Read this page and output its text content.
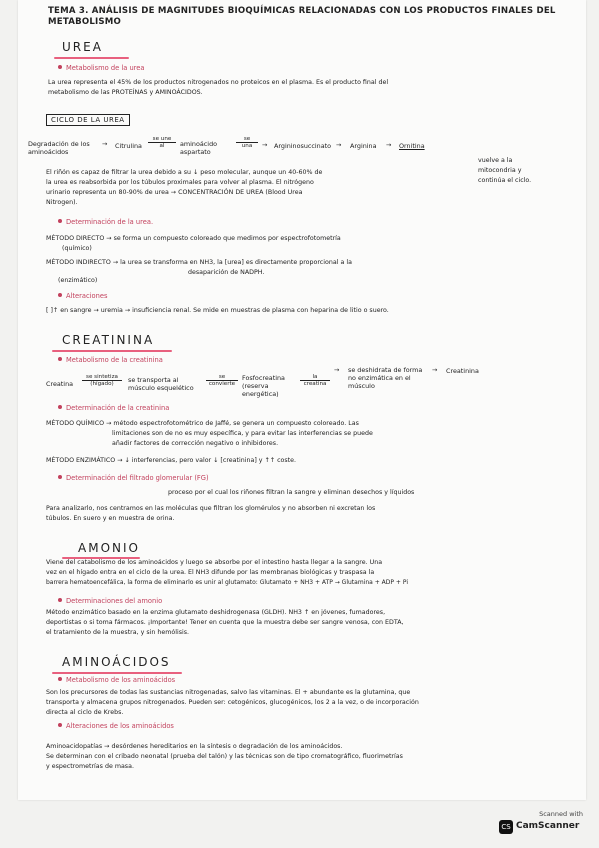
TEMA 3. ANÁLISIS DE MAGNITUDES BIOQUÍMICAS RELACIONADAS CON LOS PRODUCTOS FINALES DEL METABOLISMO
UREA
Metabolismo de la urea
La urea representa el 45% de los productos nitrogenados no proteicos en el plasma. Es el producto final del
metabolismo de las PROTEÍNAS y AMINOÁCIDOS.
CICLO DE LA UREA
Degradación de los aminoácidos
→ Citrulina
se une
al	aminoácido aspartato
se
una	→ Argininosuccinato → Arginina → Ornitina
vuelve a la
mitocondria y
continúa el ciclo.
El riñón es capaz de filtrar la urea debido a su ↓ peso molecular, aunque un 40-60% de
la urea es reabsorbida por los túbulos proximales para volver al plasma. El nitrógeno
urinario representa un 80-90% de urea → CONCENTRACIÓN DE UREA (Blood Urea
Nitrogen).
Determinación de la urea.
MÉTODO DIRECTO → se forma un compuesto coloreado que medimos por espectrofotometría
(químico)
MÉTODO INDIRECTO → la urea se transforma en NH3, la [urea] es directamente proporcional a la
desaparición de NADPH.
(enzimático)
Alteraciones
[ ]↑ en sangre → uremia → insuficiencia renal. Se mide en muestras de plasma con heparina de litio o suero.
CREATININA
Metabolismo de la creatinina
Creatina
se sintetiza
(hígado)	se transporta al músculo esquelético
se
convierte
Fosfocreatina (reserva energética)
la
creatina
→ se deshidrata de forma no enzimática en el músculo
→ Creatinina
Determinación de la creatinina
MÉTODO QUÍMICO → método espectrofotométrico de Jaffé, se genera un compuesto coloreado. Las
limitaciones son de no es muy específica, y para evitar las interferencias se puede
añadir factores de corrección negativo o inhibidores.
MÉTODO ENZIMÁTICO → ↓ interferencias, pero valor ↓ [creatinina] y ↑↑ coste.
Determinación del filtrado glomerular (FG)
proceso por el cual los riñones filtran la sangre y eliminan desechos y líquidos
Para analizarlo, nos centramos en las moléculas que filtran los glomérulos y no absorben ni excretan los
túbulos. En suero y en muestra de orina.
AMONIO
Viene del catabolismo de los aminoácidos y luego se absorbe por el intestino hasta llegar a la sangre. Una
vez en el hígado entra en el ciclo de la urea. El NH3 difunde por las membranas biológicas y traspasa la
barrera hematoencefálica, la forma de eliminarlo es unir al glutamato: Glutamato + NH3 + ATP → Glutamina + ADP + Pi
Determinaciones del amonio
Método enzimático basado en la enzima glutamato deshidrogenasa (GLDH). NH3 ↑ en jóvenes, fumadores,
deportistas o si toma fármacos. ¡Importante! Tener en cuenta que la muestra debe ser sangre venosa, con EDTA,
el tratamiento de la muestra, y sin hemólisis.
AMINOÁCIDOS
Metabolismo de los aminoácidos
Son los precursores de todas las sustancias nitrogenadas, salvo las vitaminas. El + abundante es la glutamina, que
transporta y almacena grupos nitrogenados. Pueden ser: cetogénicos, glucogénicos, los 2 a la vez, o de incorporación
directa al ciclo de Krebs.
Alteraciones de los aminoácidos
Aminoacidopatías → desórdenes hereditarios en la síntesis o degradación de los aminoácidos.
Se determinan con el cribado neonatal (prueba del talón) y las técnicas son de tipo cromatográfico, fluorimetrías
y espectrometrías de masa.
Scanned with
CS CamScanner
